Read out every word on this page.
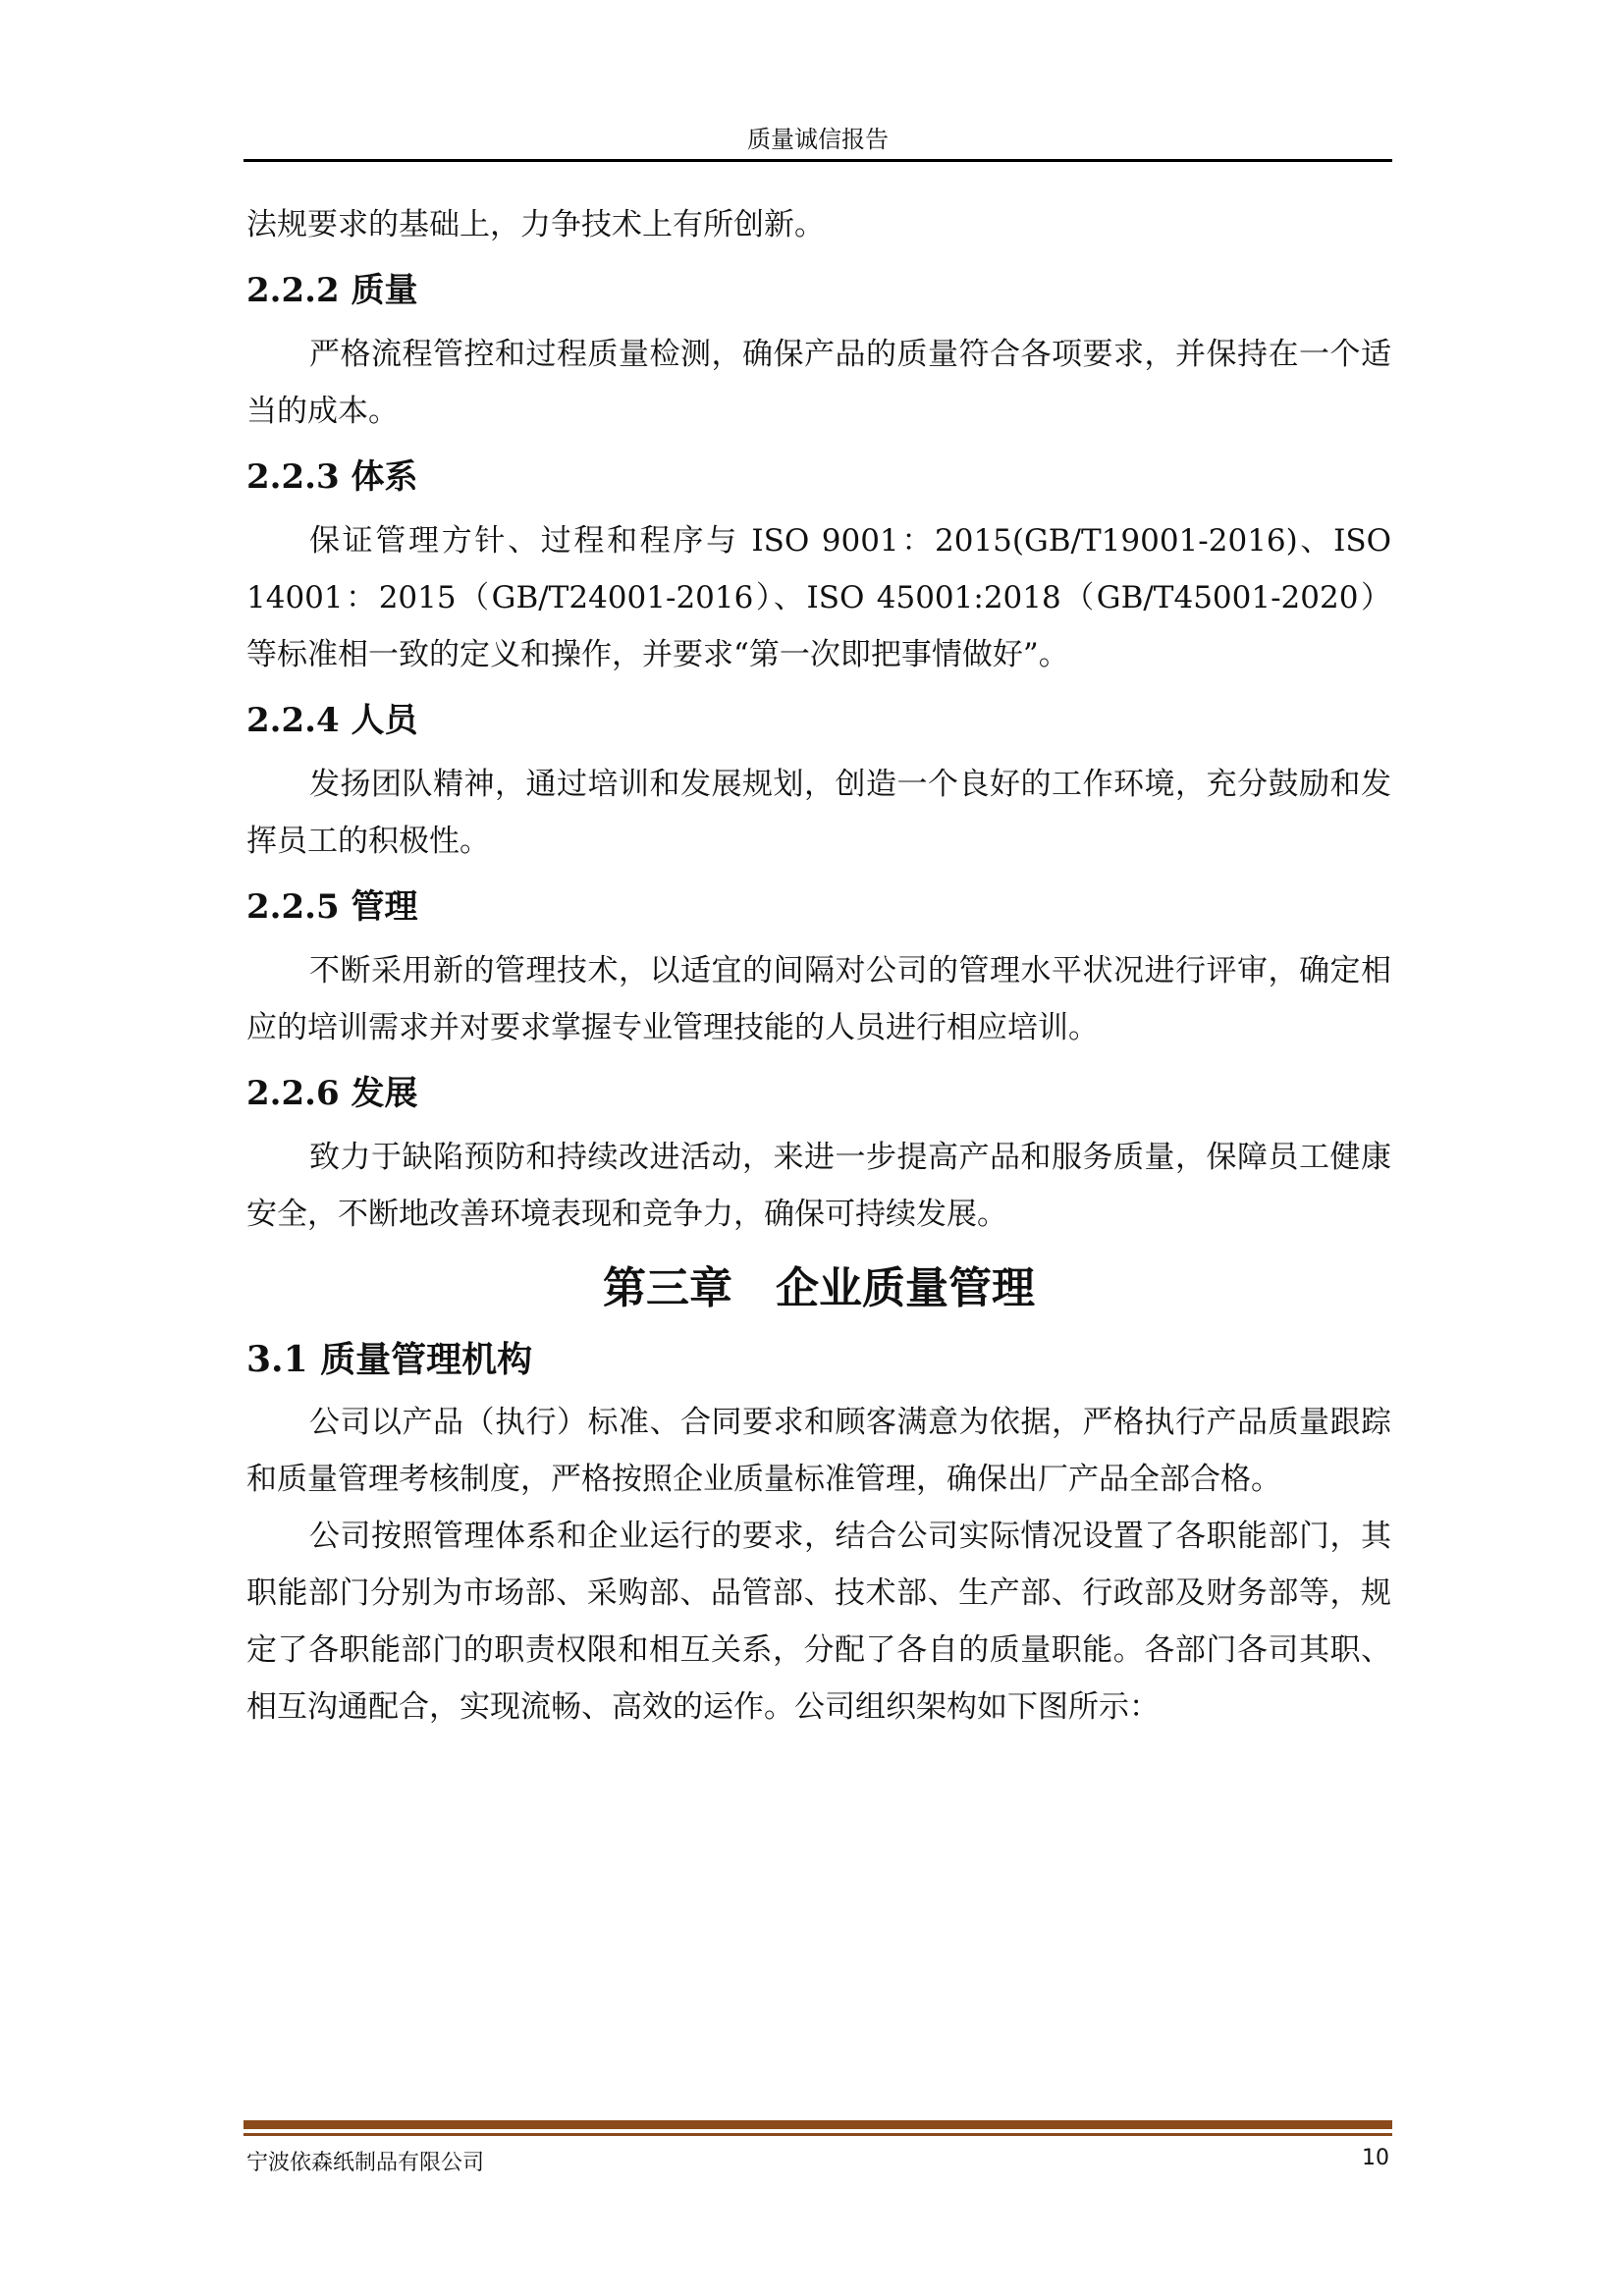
质量诚信报告

法规要求的基础上，力争技术上有所创新。

2.2.2 质量

严格流程管控和过程质量检测，确保产品的质量符合各项要求，并保持在一个适当的成本。

2.2.3 体系

保证管理方针、过程和程序与 ISO 9001：2015(GB/T19001-2016)、ISO 14001：2015（GB/T24001-2016）、ISO 45001:2018（GB/T45001-2020）等标准相一致的定义和操作，并要求“第一次即把事情做好”。

2.2.4 人员

发扬团队精神，通过培训和发展规划，创造一个良好的工作环境，充分鼓励和发挥员工的积极性。

2.2.5 管理

不断采用新的管理技术，以适宜的间隔对公司的管理水平状况进行评审，确定相应的培训需求并对要求掌握专业管理技能的人员进行相应培训。

2.2.6 发展

致力于缺陷预防和持续改进活动，来进一步提高产品和服务质量，保障员工健康安全，不断地改善环境表现和竞争力，确保可持续发展。

第三章　企业质量管理
3.1 质量管理机构

公司以产品（执行）标准、合同要求和顾客满意为依据，严格执行产品质量跟踪和质量管理考核制度，严格按照企业质量标准管理，确保出厂产品全部合格。

公司按照管理体系和企业运行的要求，结合公司实际情况设置了各职能部门，其职能部门分别为市场部、采购部、品管部、技术部、生产部、行政部及财务部等，规定了各职能部门的职责权限和相互关系，分配了各自的质量职能。各部门各司其职、相互沟通配合，实现流畅、高效的运作。公司组织架构如下图所示：

宁波依森纸制品有限公司	10
